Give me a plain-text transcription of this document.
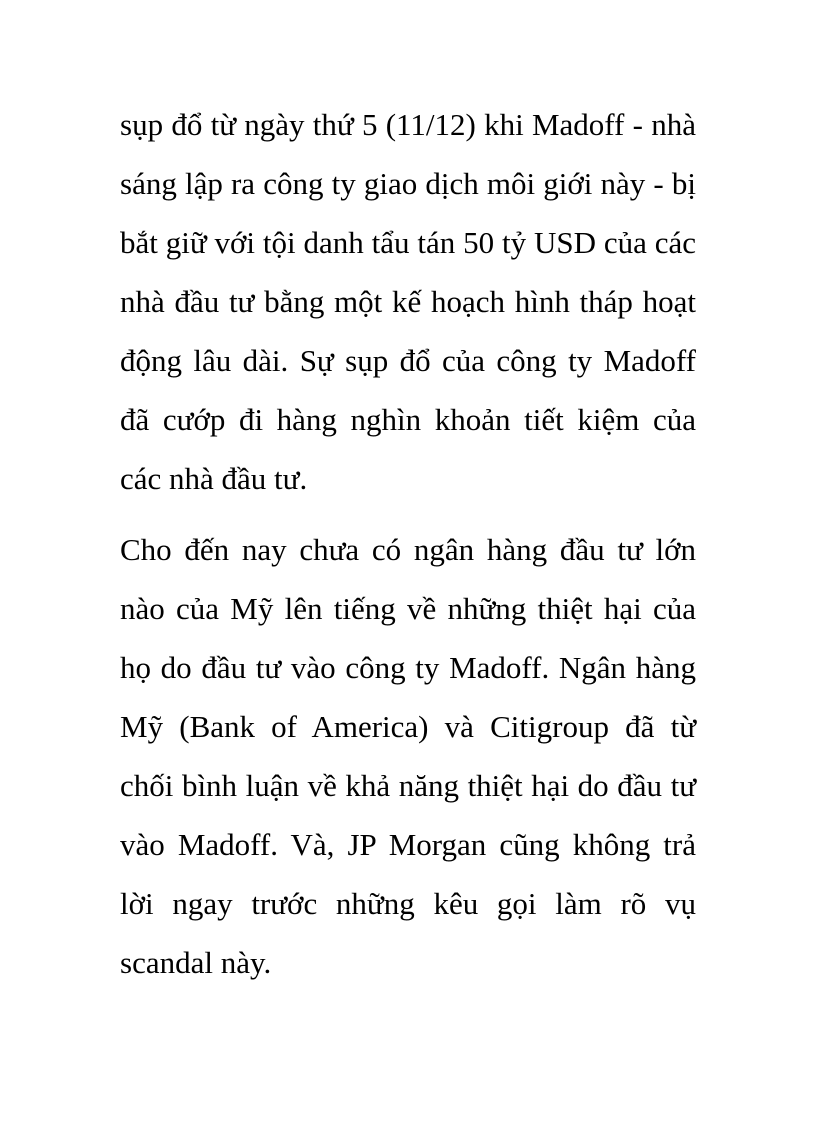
sụp đổ từ ngày thứ 5 (11/12) khi Madoff - nhà sáng lập ra công ty giao dịch môi giới này - bị bắt giữ với tội danh tẩu tán 50 tỷ USD của các nhà đầu tư bằng một kế hoạch hình tháp hoạt động lâu dài. Sự sụp đổ của công ty Madoff đã cướp đi hàng nghìn khoản tiết kiệm của các nhà đầu tư.

Cho đến nay chưa có ngân hàng đầu tư lớn nào của Mỹ lên tiếng về những thiệt hại của họ do đầu tư vào công ty Madoff. Ngân hàng Mỹ (Bank of America) và Citigroup đã từ chối bình luận về khả năng thiệt hại do đầu tư vào Madoff. Và, JP Morgan cũng không trả lời ngay trước những kêu gọi làm rõ vụ scandal này.
